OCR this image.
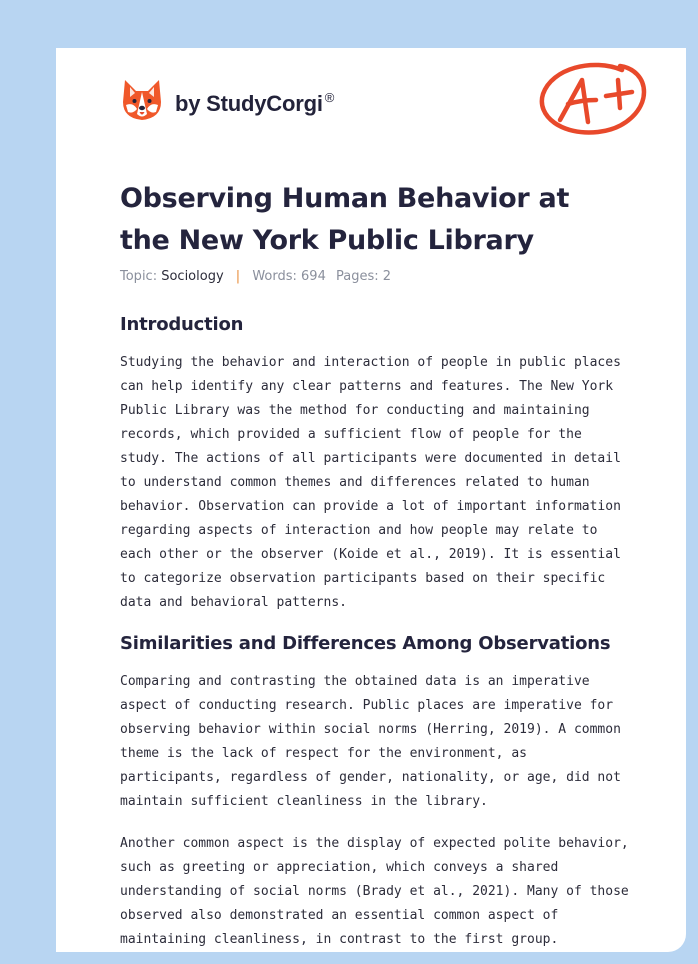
by StudyCorgi ®
Observing Human Behavior at the New York Public Library
Topic: Sociology | Words: 694 Pages: 2
Introduction

Studying the behavior and interaction of people in public places can help identify any clear patterns and features. The New York Public Library was the method for conducting and maintaining records, which provided a sufficient flow of people for the study. The actions of all participants were documented in detail to understand common themes and differences related to human behavior. Observation can provide a lot of important information regarding aspects of interaction and how people may relate to each other or the observer (Koide et al., 2019). It is essential to categorize observation participants based on their specific data and behavioral patterns.

Similarities and Differences Among Observations

Comparing and contrasting the obtained data is an imperative aspect of conducting research. Public places are imperative for observing behavior within social norms (Herring, 2019). A common theme is the lack of respect for the environment, as participants, regardless of gender, nationality, or age, did not maintain sufficient cleanliness in the library.

Another common aspect is the display of expected polite behavior, such as greeting or appreciation, which conveys a shared understanding of social norms (Brady et al., 2021). Many of those observed also demonstrated an essential common aspect of maintaining cleanliness, in contrast to the first group.
